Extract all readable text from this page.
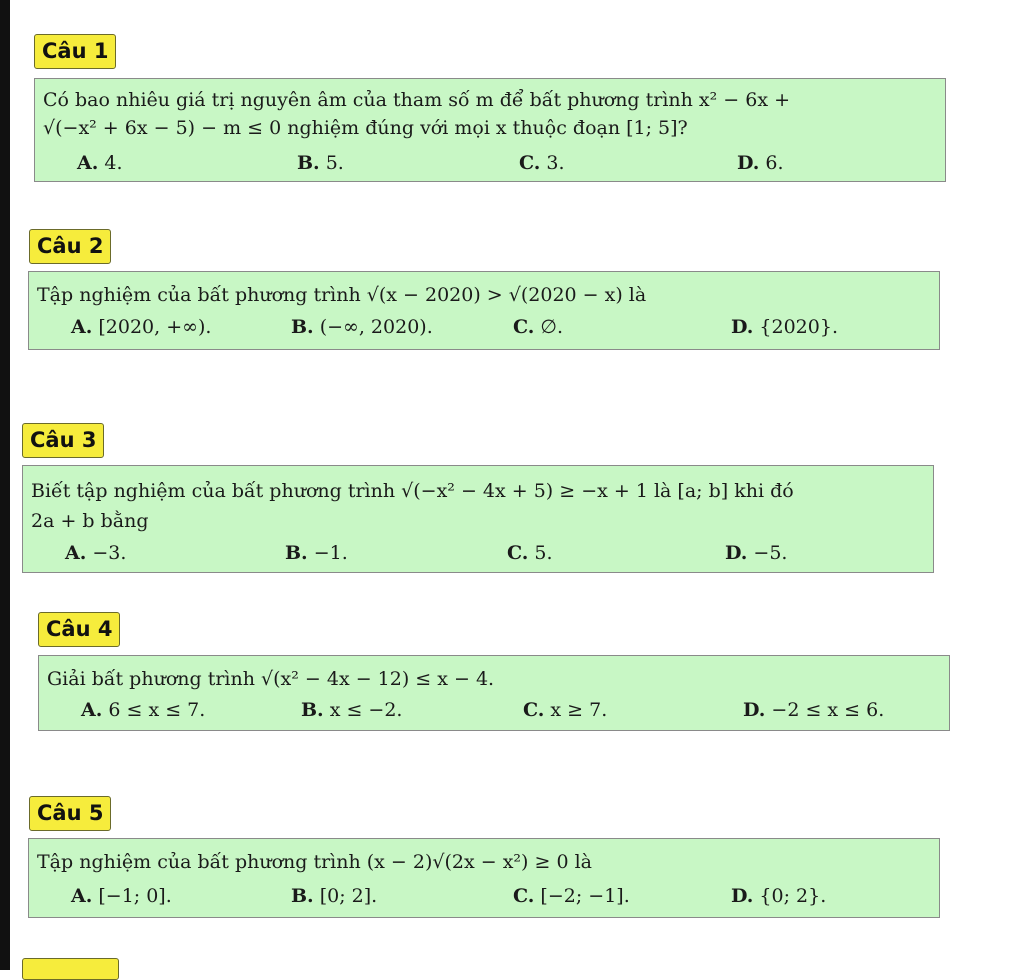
Câu 1
Có bao nhiêu giá trị nguyên âm của tham số m để bất phương trình x² − 6x +
√(−x² + 6x − 5) − m ≤ 0 nghiệm đúng với mọi x thuộc đoạn [1; 5]?
A. 4.	B. 5.	C. 3.	D. 6.
Câu 2
Tập nghiệm của bất phương trình √(x − 2020) > √(2020 − x) là
A. [2020, +∞).	B. (−∞, 2020).	C. ∅.	D. {2020}.
Câu 3
Biết tập nghiệm của bất phương trình √(−x² − 4x + 5) ≥ −x + 1 là [a; b] khi đó
2a + b bằng
A. −3.	B. −1.	C. 5.	D. −5.
Câu 4
Giải bất phương trình √(x² − 4x − 12) ≤ x − 4.
A. 6 ≤ x ≤ 7.	B. x ≤ −2.	C. x ≥ 7.	D. −2 ≤ x ≤ 6.
Câu 5
Tập nghiệm của bất phương trình (x − 2)√(2x − x²) ≥ 0 là
A. [−1; 0].	B. [0; 2].	C. [−2; −1].	D. {0; 2}.
